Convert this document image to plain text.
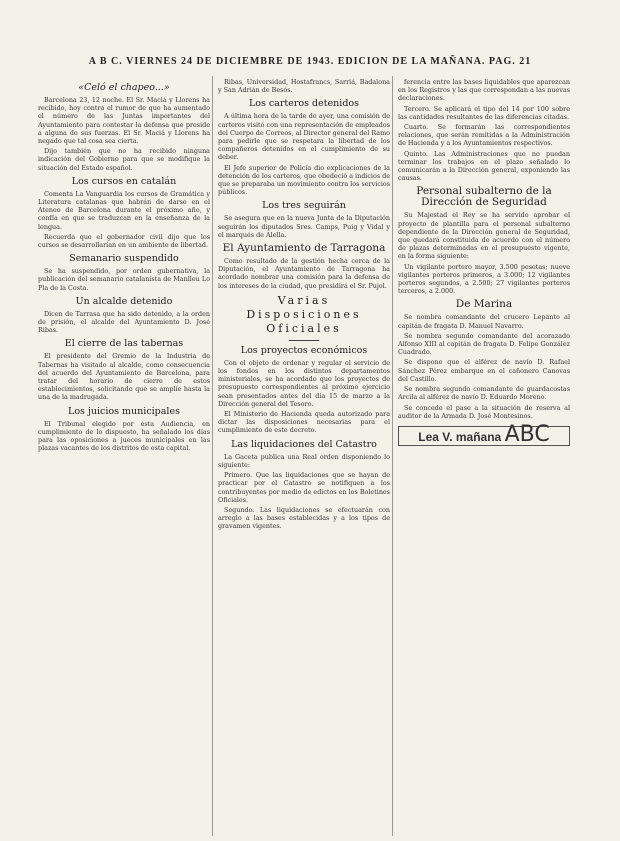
A B C. VIERNES 24 DE DICIEMBRE DE 1943. EDICION DE LA MAÑANA. PAG. 21
«Celó el chapeo...»

Barcelona 23, 12 noche. El Sr. Maciá y Llorens ha recibido, hoy contra el rumor de que ha aumentado el número de las Juntas importantes del Ayuntamiento para contestar la defensa que preside a alguna de sus fuerzas. El Sr. Maciá y Llorens ha negado que tal cosa sea cierta.

Dijo también que no ha recibido ninguna indicación del Gobierno para que se modifique la situación del Estado español.

Los cursos en catalán

Comenta La Vanguardia los cursos de Gramática y Literatura catalanas que habrán de darse en el Ateneo de Barcelona durante el próximo año, y confía en que se traduzcan en la enseñanza de la lengua.

Recuerda que el gobernador civil dijo que los cursos se desarrollarían en un ambiente de libertad.

Semanario suspendido

Se ha suspendido, por orden gubernativa, la publicación del semanario catalanista de Manlleu Lo Pla de la Costa.

Un alcalde detenido

Dicen de Tarrasa que ha sido detenido, a la orden de prisión, el alcalde del Ayuntamiento D. José Ribas.

El cierre de las tabernas

El presidente del Gremio de la Industria de Tabernas ha visitado al alcalde, como consecuencia del acuerdo del Ayuntamiento de Barcelona, para tratar del horario de cierre de estos establecimientos, solicitando que se amplíe hasta la una de la madrugada.

Los juicios municipales

El Tribunal elegido por esta Audiencia, en cumplimiento de lo dispuesto, ha señalado los días para las oposiciones a jueces municipales en las plazas vacantes de los distritos de esta capital.

Ribas, Universidad, Hostafrancs, Sarriá, Badalona y San Adrián de Besós.

Los carteros detenidos

A última hora de la tarde de ayer, una comisión de carteros visitó con una representación de empleados del Cuerpo de Correos, al Director general del Ramo para pedirle que se respetara la libertad de los compañeros detenidos en el cumplimiento de su deber.

El Jefe superior de Policía dio explicaciones de la detención de los carteros, que obedeció a indicios de que se preparaba un movimiento contra los servicios públicos.

Los tres seguirán

Se asegura que en la nueva Junta de la Diputación seguirán los diputados Sres. Camps, Puig y Vidal y el marqués de Alella.

El Ayuntamiento de Tarragona

Como resultado de la gestión hecha cerca de la Diputación, el Ayuntamiento de Tarragona ha acordado nombrar una comisión para la defensa de los intereses de la ciudad, que presidirá el Sr. Pujol.

Varias Disposiciones Oficiales
Los proyectos económicos

Con el objeto de ordenar y regular el servicio de los fondos en los distintos departamentos ministeriales, se ha acordado que los proyectos de presupuesto correspondientes al próximo ejercicio sean presentados antes del día 15 de marzo a la Dirección general del Tesoro.

El Ministerio de Hacienda queda autorizado para dictar las disposiciones necesarias para el cumplimiento de este decreto.

Las liquidaciones del Catastro

La Gaceta publica una Real orden disponiendo lo siguiente:

Primero. Que las liquidaciones que se hayan de practicar por el Catastro se notifiquen a los contribuyentes por medio de edictos en los Boletines Oficiales.

Segundo. Las liquidaciones se efectuarán con arreglo a las bases establecidas y a los tipos de gravamen vigentes.

ferencia entre las bases liquidables que aparezcan en los Registros y las que correspondan a las nuevas declaraciones.

Tercero. Se aplicará el tipo del 14 por 100 sobre las cantidades resultantes de las diferencias citadas.

Cuarto. Se formarán las correspondientes relaciones, que serán remitidas a la Administración de Hacienda y a los Ayuntamientos respectivos.

Quinto. Las Administraciones que no puedan terminar los trabajos en el plazo señalado lo comunicarán a la Dirección general, exponiendo las causas.

Personal subalterno de la Dirección de Seguridad

Su Majestad el Rey se ha servido aprobar el proyecto de plantilla para el personal subalterno dependiente de la Dirección general de Seguridad, que quedará constituida de acuerdo con el número de plazas determinadas en el presupuesto vigente, en la forma siguiente:

Un vigilante portero mayor, 3.500 pesetas; nueve vigilantes porteros primeros, a 3.000; 12 vigilantes porteros segundos, a 2.500; 27 vigilantes porteros terceros, a 2.000.

De Marina

Se nombra comandante del crucero Lepanto al capitán de fragata D. Manuel Navarro.

Se nombra segundo comandante del acorazado Alfonso XIII al capitán de fragata D. Felipe González Cuadrado.

Se dispone que el alférez de navío D. Rafael Sánchez Pérez embarque en el cañonero Canovas del Castillo.

Se nombra segundo comandante de guardacostas Arcila al alférez de navío D. Eduardo Moreno.

Se concede el pase a la situación de reserva al auditor de la Armada D. José Montesinos.

Lea V. mañana ABC
